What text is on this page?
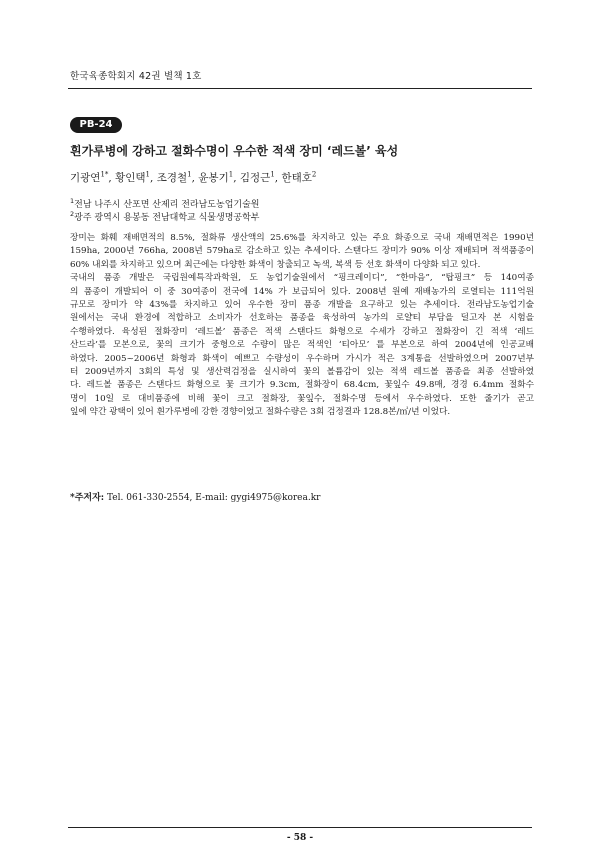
한국육종학회지 42권 별책 1호
PB-24
흰가루병에 강하고 절화수명이 우수한 적색 장미 ‘레드볼’ 육성
기광연$^{1*}$, 황인택$^1$, 조경철$^1$, 윤봉기$^1$, 김정근$^1$, 한태호$^2$
$^1$전남 나주시 산포면 산제리 전라남도농업기술원
$^2$광주 광역시 용봉동 전남대학교 식물생명공학부
장미는 화훼 재배면적의 8.5%, 절화류 생산액의 25.6%를 차지하고 있는 주요 화종으로 국내 재배면적은 1990년
159ha, 2000년 766ha, 2008년 579ha로 감소하고 있는 추세이다. 스탠다드 장미가 90% 이상 재배되며 적색품종이
60% 내외를 차지하고 있으며 최근에는 다양한 화색이 창출되고 녹색, 복색 등 선호 화색이 다양화 되고 있다.
국내의 품종 개발은 국립원예특작과학원, 도 농업기술원에서 “핑크레이디”, “한마음”, “탑핑크” 등 140여종
의 품종이 개발되어 이 중 30여종이 전국에 14% 가 보급되어 있다. 2008년 원예 재배농가의 로열티는 111억원
규모로 장미가 약 43%를 차지하고 있어 우수한 장미 품종 개발을 요구하고 있는 추세이다. 전라남도농업기술
원에서는 국내 환경에 적합하고 소비자가 선호하는 품종을 육성하여 농가의 로얄티 부담을 덜고자 본 시험을
수행하였다. 육성된 절화장미 ‘레드볼’ 품종은 적색 스탠다드 화형으로 수세가 강하고 절화장이 긴 적색 ‘레드
산드라’를 모본으로, 꽃의 크기가 중형으로 수량이 많은 적색인 ‘티아모’ 를 부본으로 하여 2004년에 인공교배
하였다. 2005~2006년 화형과 화색이 예쁘고 수량성이 우수하며 가시가 적은 3계통을 선발하였으며 2007년부
터 2009년까지 3회의 특성 및 생산력검정을 실시하여 꽃의 볼륨감이 있는 적색 레드볼 품종을 최종 선발하였
다. 레드볼 품종은 스탠다드 화형으로 꽃 크기가 9.3cm, 절화장이 68.4cm, 꽃잎수 49.8매, 경경 6.4mm 절화수
명이 10일 로 대비품종에 비해 꽃이 크고 절화장, 꽃잎수, 절화수명 등에서 우수하였다. 또한 줄기가 곧고
잎에 약간 광택이 있어 흰가루병에 강한 경향이었고 절화수량은 3회 검정결과 128.8본/㎡/년 이었다.
*주저자: Tel. 061-330-2554, E-mail: gygi4975@korea.kr
- 58 -
